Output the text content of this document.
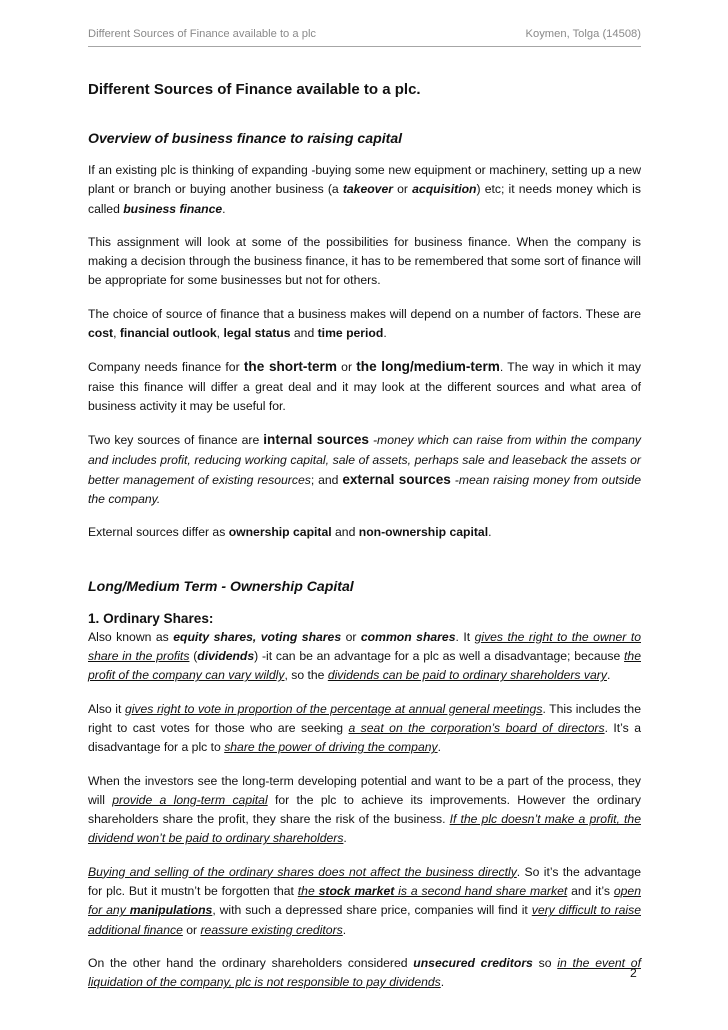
Different Sources of Finance available to a plc	Koymen, Tolga (14508)
Different Sources of Finance available to a plc.
Overview of business finance to raising capital

If an existing plc is thinking of expanding -buying some new equipment or machinery, setting up a new plant or branch or buying another business (a takeover or acquisition) etc; it needs money which is called business finance.

This assignment will look at some of the possibilities for business finance. When the company is making a decision through the business finance, it has to be remembered that some sort of finance will be appropriate for some businesses but not for others.

The choice of source of finance that a business makes will depend on a number of factors. These are cost, financial outlook, legal status and time period.

Company needs finance for the short-term or the long/medium-term. The way in which it may raise this finance will differ a great deal and it may look at the different sources and what area of business activity it may be useful for.

Two key sources of finance are internal sources -money which can raise from within the company and includes profit, reducing working capital, sale of assets, perhaps sale and leaseback the assets or better management of existing resources; and external sources -mean raising money from outside the company.

External sources differ as ownership capital and non-ownership capital.

Long/Medium Term - Ownership Capital
1. Ordinary Shares:

Also known as equity shares, voting shares or common shares. It gives the right to the owner to share in the profits (dividends) -it can be an advantage for a plc as well a disadvantage; because the profit of the company can vary wildly, so the dividends can be paid to ordinary shareholders vary.

Also it gives right to vote in proportion of the percentage at annual general meetings. This includes the right to cast votes for those who are seeking a seat on the corporation’s board of directors. It’s a disadvantage for a plc to share the power of driving the company.

When the investors see the long-term developing potential and want to be a part of the process, they will provide a long-term capital for the plc to achieve its improvements. However the ordinary shareholders share the profit, they share the risk of the business. If the plc doesn’t make a profit, the dividend won’t be paid to ordinary shareholders.

Buying and selling of the ordinary shares does not affect the business directly. So it’s the advantage for plc. But it mustn’t be forgotten that the stock market is a second hand share market and it’s open for any manipulations, with such a depressed share price, companies will find it very difficult to raise additional finance or reassure existing creditors.

On the other hand the ordinary shareholders considered unsecured creditors so in the event of liquidation of the company, plc is not responsible to pay dividends.

2
